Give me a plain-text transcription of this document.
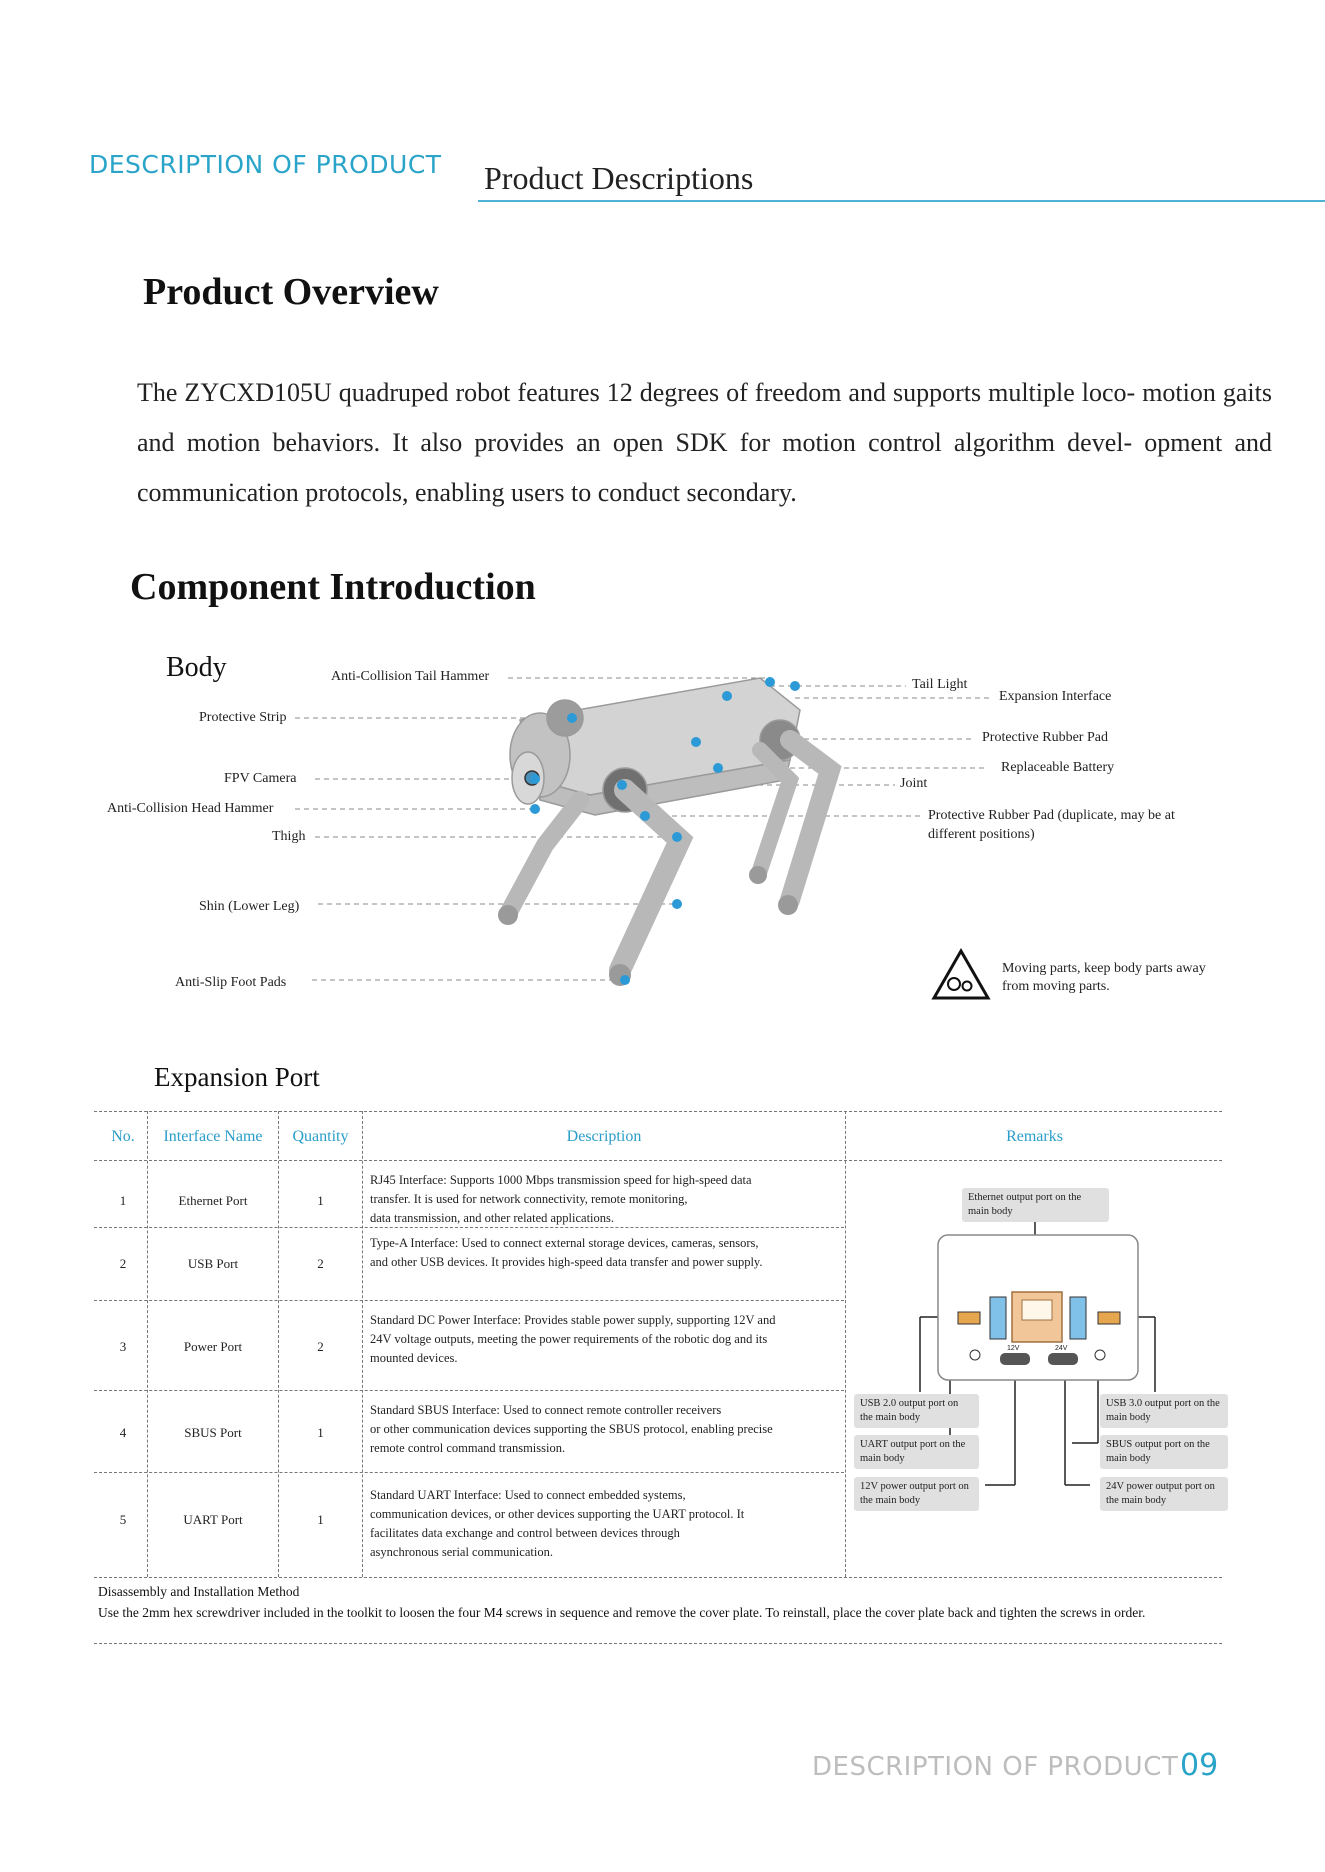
DESCRIPTION OF PRODUCT Product Descriptions
Product Overview
The ZYCXD105U quadruped robot features 12 degrees of freedom and supports multiple loco- motion gaits and motion behaviors. It also provides an open SDK for motion control algorithm devel- opment and communication protocols, enabling users to conduct secondary.
Component Introduction
Body	Anti-Collision Tail Hammer
Protective Strip
FPV Camera
Anti-Collision Head Hammer
Thigh
Shin (Lower Leg)
Anti-Slip Foot Pads
Tail Light
Expansion Interface
Protective Rubber Pad
Replaceable Battery
Joint
Protective Rubber Pad (duplicate, may be at
different positions)
Moving parts, keep body parts away from moving parts.
Expansion Port
No.	Interface Name	Quantity	Description	Remarks
1	Ethernet Port	1
RJ45 Interface: Supports 1000 Mbps transmission speed for high-speed data
transfer. It is used for network connectivity, remote monitoring,
data transmission, and other related applications.
2	USB Port	2
Type-A Interface: Used to connect external storage devices, cameras, sensors,
and other USB devices. It provides high-speed data transfer and power supply.
3	Power Port	2
Standard DC Power Interface: Provides stable power supply, supporting 12V and
24V voltage outputs, meeting the power requirements of the robotic dog and its
mounted devices.
4	SBUS Port	1
Standard SBUS Interface: Used to connect remote controller receivers
or other communication devices supporting the SBUS protocol, enabling precise
remote control command transmission.
5	UART Port	1
Standard UART Interface: Used to connect embedded systems,
communication devices, or other devices supporting the UART protocol. It
facilitates data exchange and control between devices through
asynchronous serial communication.
12V	24V
Ethernet output port on the main body
USB 2.0 output port on the main body
UART output port on the main body
12V power output port on the main body
USB 3.0 output port on the main body
SBUS output port on the main body
24V power output port on the main body
Disassembly and Installation Method
Use the 2mm hex screwdriver included in the toolkit to loosen the four M4 screws in sequence and remove the cover plate. To reinstall, place the cover plate back and tighten the screws in order.
DESCRIPTION OF PRODUCT 09
